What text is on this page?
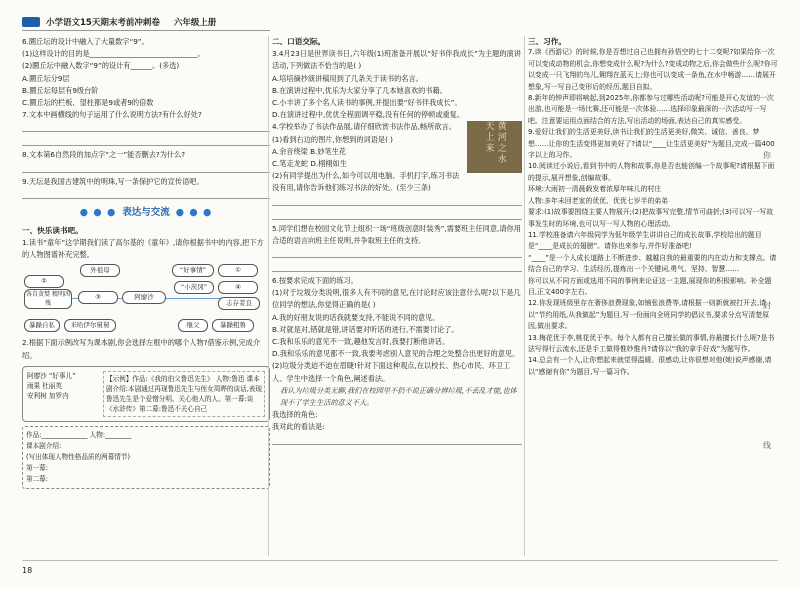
小学语文15天期末考前冲刺卷 六年级上册
6.圜丘坛的设计中融入了大量数字“9”。
(1)这样设计的目的是______________________________。
(2)圜丘坛中融入数字“9”的设计有______。(多选)
A.圜丘坛分9层
B.圜丘坛每层有9级台阶
C.圜丘坛的栏板、望柱都是9或者9的倍数
7.文本中画横线的句子运用了什么说明方法?有什么好处?
8.文本第6自然段的加点字“之一”能否删去?为什么?
9.天坛是我国古建筑中的明珠,写一条保护它的宣传语吧。
● ● ● 表达与交流 ● ● ●
一、快乐读书吧。
1.读书“童年”这学期我们读了高尔基的《童年》,请你根据书中的内容,把下方的人物图谱补充完整。
外祖母	“好事情”	①
②
各自贪婪 精明凶残
“小茨冈”	④
阿廖沙
③
志存者良
暴躁自私	米哈伊尔舅舅	继父	暴躁粗鲁
2.根据下面示例改写为课本剧,你会选择左框中的哪个人物?借鉴示例,完成介绍。
阿廖沙 “好事儿”
雨果 杜丽英
安利树 加罗内
【示例】作品:《我的伯父鲁迅先生》 人物:鲁迅 课本剧介绍:本剧通过再现鲁迅先生与侄女周晔的谈话,表现鲁迅先生是个爱憎分明、关心他人的人。第一幕:谈《水浒传》第二幕:鲁迅不关心自己
作品:______________ 人物:________
课本剧介绍:
(写出体现人物性格品质的两幕情节)
第一幕:
第二幕:
二、口语交际。
3.4月23日是世界读书日,六年级(1)班准备开展以“好书伴我成长”为主题的演讲活动,下列做法不恰当的是( )
A.培培摘抄演讲稿用到了几条关于读书的名言。
B.在演讲过程中,优乐为大家分享了几本她喜欢的书籍。
C.小丰讲了多个名人读书的事例,并提出要“好书伴我成长”。
D.在演讲过程中,优优全程面调平稳,没有任何的停顿或重复。
黄河之水天上来
4.学校举办了书法作品展,请仔细欣赏书法作品,畅所欲言。
(1)看到右边的图片,你想到的词语是( )
A.余音绕梁 B.妙笔生花
C.笔走龙蛇 D.栩栩如生
(2)有同学提出为什么,如今可以用电脑、手机打字,练习书法没有用,请你告诉他们练习书法的好处。(至少三条)
5.同学们想在校园文化节上组织一场“班级创意时装秀”,需要班主任同意,请你用合适的语言向班主任说明,并争取班主任的支持。
6.按要求完成下面的练习。
(1)对于垃圾分类说明,很多人有不同的意见,在讨论时应该注意什么呢?以下是几位同学的想法,你觉得正确的是( )
A.我的好朋友说的话我就要支持,不能说不同的意见。
B.对就是对,错就是错,讲话要对听话的进行,不需要讨论了。
C.我和乐乐的意见不一致,趣他发言时,我要打断他讲话。
D.我和乐乐的意见都不一致,我要考虑别人意见的合理之处整合出更好的意见。
(2)垃圾分类迫不迫在眉睫!针对下面这种观点,在以校长、热心市民、环卫工人、学生中选择一个角色,阐述看法。
我认为垃圾分类无聊,我们在校园里不扔不说正确分辨垃圾,不丢乱才能,也体现不了学生生活的意义不大。
我选择的角色:
我对此的看法是:
三、习作。
7.读《西游记》的时候,你是否想过自己也拥有孙悟空的七十二变呢?如果给你一次可以变成动物的机会,你想变成什么呢?为什么?变成动物之后,你会做些什么呢?你可以变成一只飞翔的鸟儿,翱翔在蓝天上;你也可以变成一条鱼,在水中畅游……请展开想象,写一写自己变形后的经历,题目自拟。
8.新年的钟声即将响起,到2025年,你都参与过哪些活动呢?可能是开心友谊的一次出游,也可能是一场比赛,还可能是一次体验……选择印象最深的一次活动写一写吧。注意要运用点面结合的方法,写出活动的场面,表达自己的真实感受。
9.爱好让我们的生活更美好,读书让我们的生活更美好,微笑、诚信、善良、梦想……让你的生活变得更加美好了?请以“____让生活更美好”为题目,完成一篇400字以上的习作。
10.阅读过小说后,看到书中的人物和故事,你是否也能创编一个故事呢?请根据下面的提示,展开想象,创编故事。
环境:大雨初一清晨载发着浓厚年味儿的村庄
人物:多年未回老家的优优、优优七岁半的弟弟
要求:(1)故事要围绕主要人物展开;(2)把故事写完整,情节可曲折;(3)可以写一写故事发生时的环境,也可以写一写人物的心理活动。
11.学校准备请六年级同学为低年级学生讲讲自己的成长故事,学校给出的题目是“____是成长的翅膀”。请你也来参与,并作好准备吧!
“____”是一个人成长道路上不断进步、越越自我的最重要的内在动力和支撑点。请结合自己的学习、生活经历,提炼出一个关键词,勇气、坚持、智慧……
你可以从不同方面或选用不同的事例来论证这一主题,展现你的积极影响。补全题目,正文400字左右。
12.你发现班级里存在奢侈浪费现象,如铺张浪费等,请根据一则新就被打开去,请以“节约用纸,从我做起”为题目,写一份面向全班同学的倡议书,要求分点写清楚原因,做出要求。
13.梅花优于李,桃花优于李。每个人都有自己擅长做的事情,你最擅长什么呢?是书法写得行云流水,还是手工做得惟妙惟肖?请你以“我的拿手好戏”为题写作。
14.总会有一个人,让你想起来就觉得温暖、很感动,让你很想对他(她)说声感谢,请以“感谢有你”为题目,写一篇习作。
你
封
线
18
